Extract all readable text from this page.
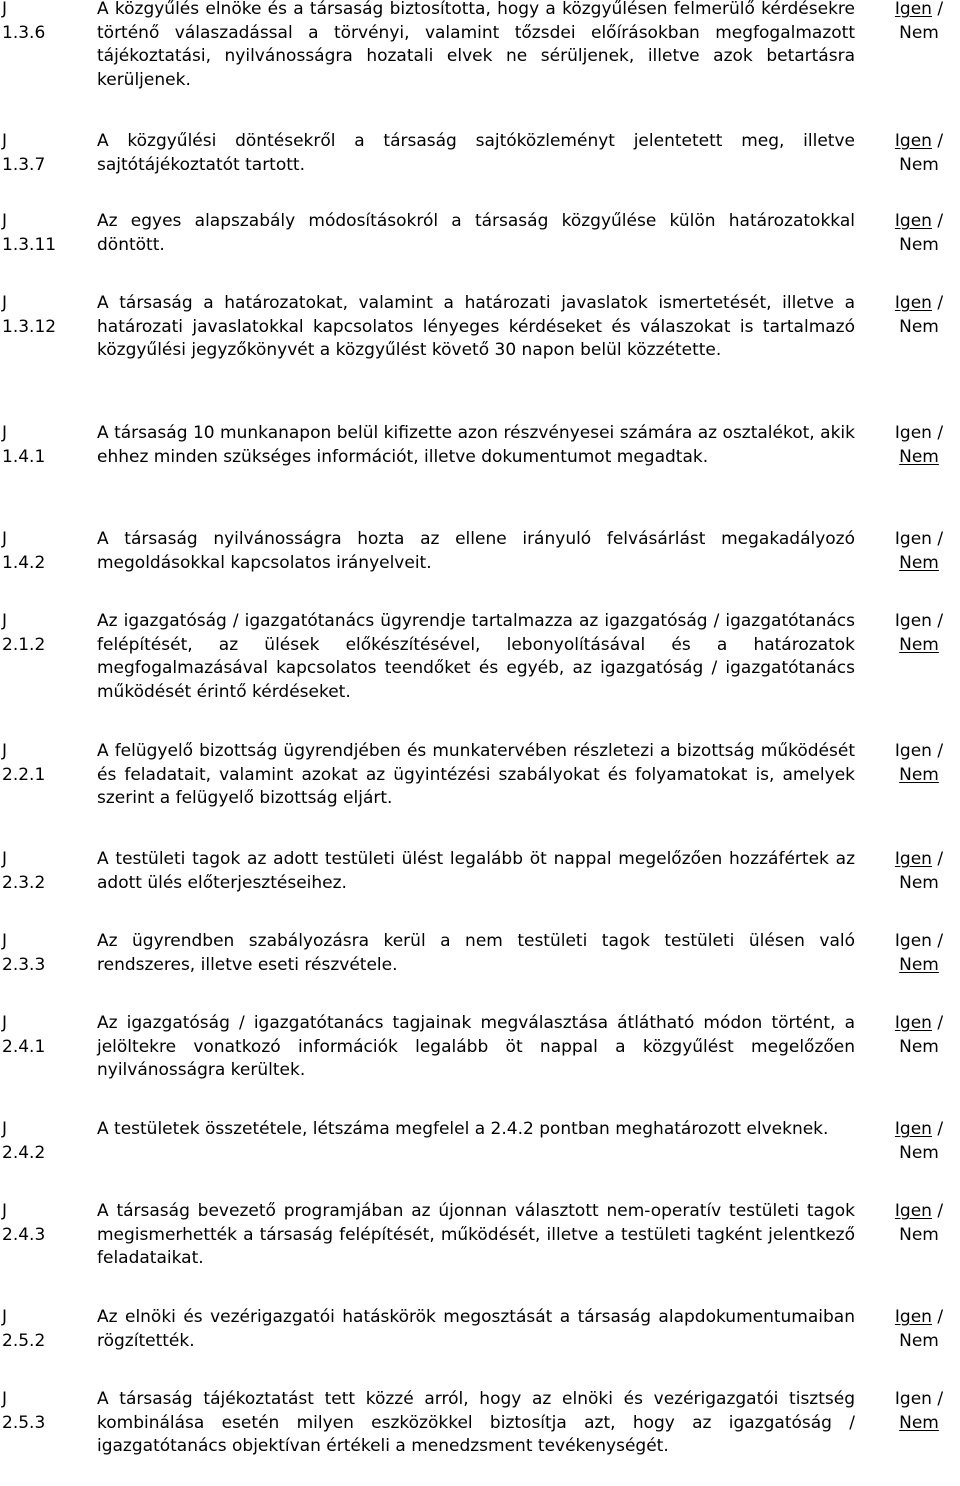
J
1.3.6
A közgyűlés elnöke és a társaság biztosította, hogy a közgyűlésen felmerülő kérdésekre történő válaszadással a törvényi, valamint tőzsdei előírásokban megfogalmazott tájékoztatási, nyilvánosságra hozatali elvek ne sérüljenek, illetve azok betartásra kerüljenek.
Igen /
Nem
J
1.3.7
A közgyűlési döntésekről a társaság sajtóközleményt jelentetett meg, illetve sajtótájékoztatót tartott.
Igen /
Nem
J
1.3.11
Az egyes alapszabály módosításokról a társaság közgyűlése külön határozatokkal döntött.
Igen /
Nem
J
1.3.12
A társaság a határozatokat, valamint a határozati javaslatok ismertetését, illetve a határozati javaslatokkal kapcsolatos lényeges kérdéseket és válaszokat is tartalmazó közgyűlési jegyzőkönyvét a közgyűlést követő 30 napon belül közzétette.
Igen /
Nem
J
1.4.1
A társaság 10 munkanapon belül kifizette azon részvényesei számára az osztalékot, akik ehhez minden szükséges információt, illetve dokumentumot megadtak.
Igen /
Nem
J
1.4.2
A társaság nyilvánosságra hozta az ellene irányuló felvásárlást megakadályozó megoldásokkal kapcsolatos irányelveit.
Igen /
Nem
J
2.1.2
Az igazgatóság / igazgatótanács ügyrendje tartalmazza az igazgatóság / igazgatótanács felépítését, az ülések előkészítésével, lebonyolításával és a határozatok megfogalmazásával kapcsolatos teendőket és egyéb, az igazgatóság / igazgatótanács működését érintő kérdéseket.
Igen /
Nem
J
2.2.1
A felügyelő bizottság ügyrendjében és munkatervében részletezi a bizottság működését és feladatait, valamint azokat az ügyintézési szabályokat és folyamatokat is, amelyek szerint a felügyelő bizottság eljárt.
Igen /
Nem
J
2.3.2
A testületi tagok az adott testületi ülést legalább öt nappal megelőzően hozzáfértek az adott ülés előterjesztéseihez.
Igen /
Nem
J
2.3.3
Az ügyrendben szabályozásra kerül a nem testületi tagok testületi ülésen való rendszeres, illetve eseti részvétele.
Igen /
Nem
J
2.4.1
Az igazgatóság / igazgatótanács tagjainak megválasztása átlátható módon történt, a jelöltekre vonatkozó információk legalább öt nappal a közgyűlést megelőzően nyilvánosságra kerültek.
Igen /
Nem
J
2.4.2
A testületek összetétele, létszáma megfelel a 2.4.2 pontban meghatározott elveknek.	Igen /
Nem
J
2.4.3
A társaság bevezető programjában az újonnan választott nem-operatív testületi tagok megismerhették a társaság felépítését, működését, illetve a testületi tagként jelentkező feladataikat.
Igen /
Nem
J
2.5.2
Az elnöki és vezérigazgatói hatáskörök megosztását a társaság alapdokumentumaiban rögzítették.
Igen /
Nem
J
2.5.3
A társaság tájékoztatást tett közzé arról, hogy az elnöki és vezérigazgatói tisztség kombinálása esetén milyen eszközökkel biztosítja azt, hogy az igazgatóság / igazgatótanács objektívan értékeli a menedzsment tevékenységét.
Igen /
Nem
